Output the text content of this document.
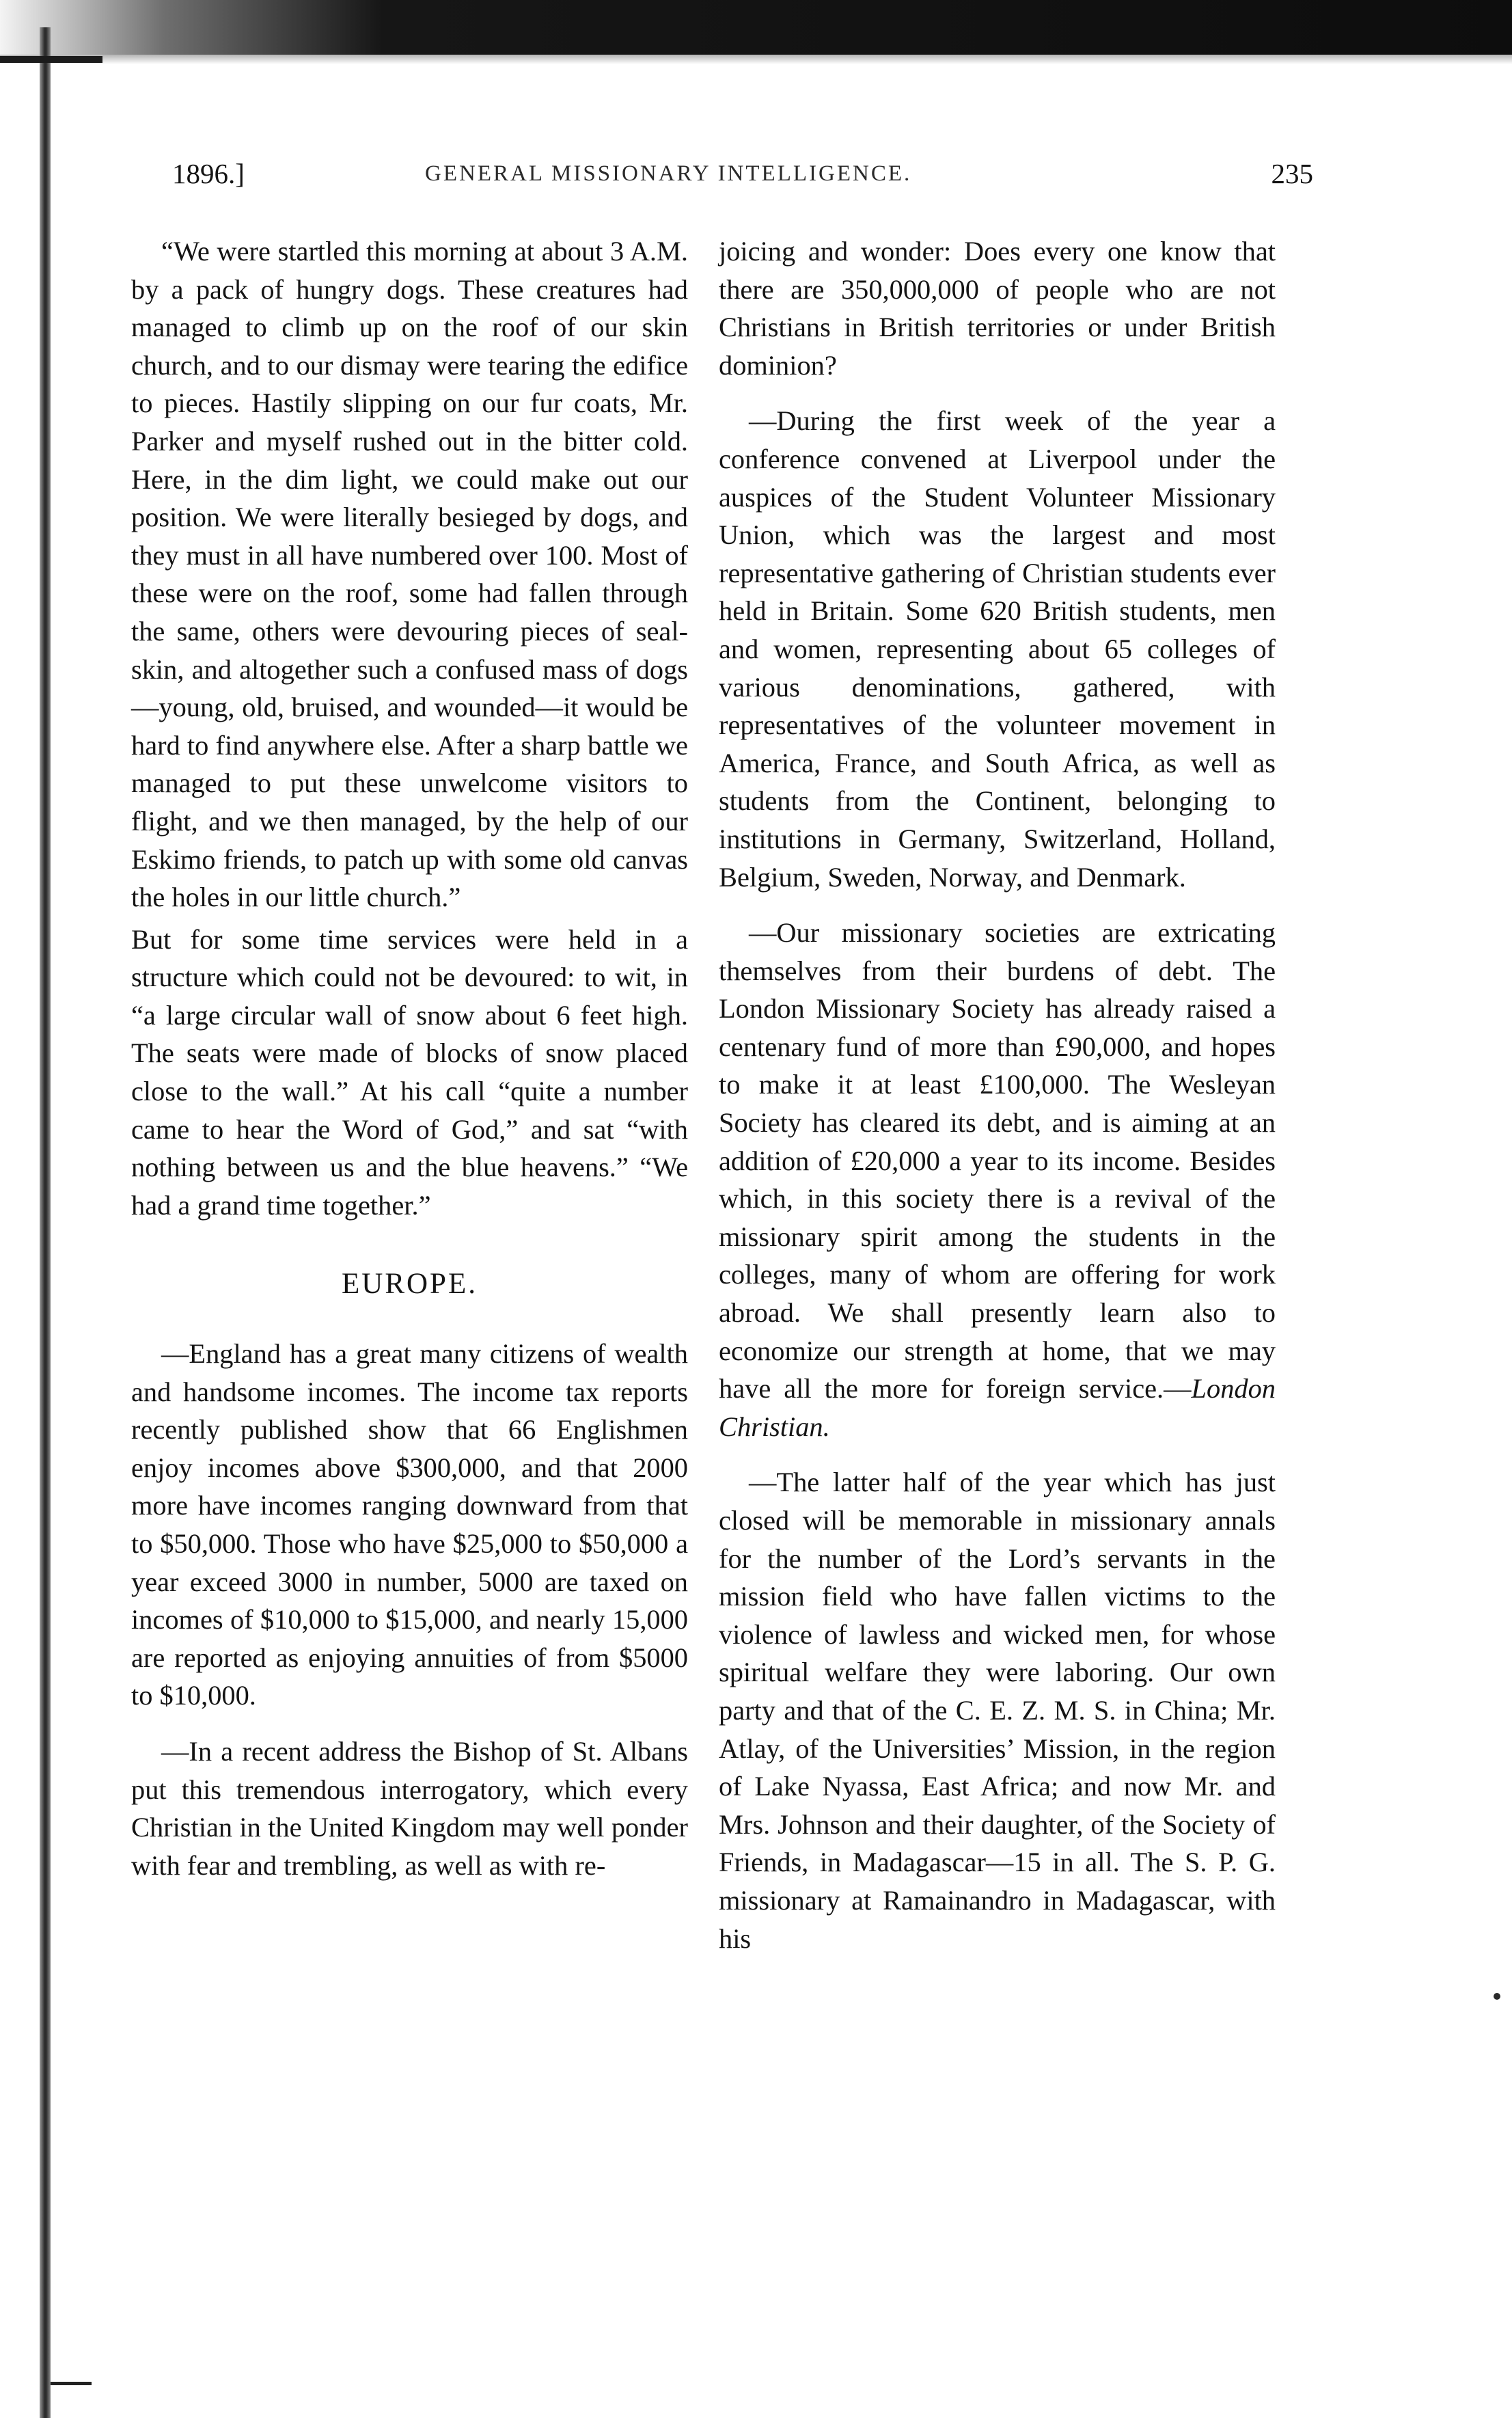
1896.]	GENERAL MISSIONARY INTELLIGENCE.	235

“We were startled this morning at about 3 A.M. by a pack of hungry dogs. These creatures had managed to climb up on the roof of our skin church, and to our dismay were tearing the edifice to pieces. Hastily slipping on our fur coats, Mr. Parker and myself rushed out in the bitter cold. Here, in the dim light, we could make out our position. We were literally besieged by dogs, and they must in all have numbered over 100. Most of these were on the roof, some had fallen through the same, others were devouring pieces of seal-skin, and altogether such a confused mass of dogs—young, old, bruised, and wounded—it would be hard to find anywhere else. After a sharp battle we managed to put these unwelcome visitors to flight, and we then managed, by the help of our Eskimo friends, to patch up with some old canvas the holes in our little church.”

But for some time services were held in a structure which could not be devoured: to wit, in “a large circular wall of snow about 6 feet high. The seats were made of blocks of snow placed close to the wall.” At his call “quite a number came to hear the Word of God,” and sat “with nothing between us and the blue heavens.” “We had a grand time together.”

EUROPE.

—England has a great many citizens of wealth and handsome incomes. The income tax reports recently published show that 66 Englishmen enjoy incomes above $300,000, and that 2000 more have incomes ranging downward from that to $50,000. Those who have $25,000 to $50,000 a year exceed 3000 in number, 5000 are taxed on incomes of $10,000 to $15,000, and nearly 15,000 are reported as enjoying annuities of from $5000 to $10,000.

—In a recent address the Bishop of St. Albans put this tremendous interrogatory, which every Christian in the United Kingdom may well ponder with fear and trembling, as well as with re-

joicing and wonder: Does every one know that there are 350,000,000 of people who are not Christians in British territories or under British dominion?

—During the first week of the year a conference convened at Liverpool under the auspices of the Student Volunteer Missionary Union, which was the largest and most representative gathering of Christian students ever held in Britain. Some 620 British students, men and women, representing about 65 colleges of various denominations, gathered, with representatives of the volunteer movement in America, France, and South Africa, as well as students from the Continent, belonging to institutions in Germany, Switzerland, Holland, Belgium, Sweden, Norway, and Denmark.

—Our missionary societies are extricating themselves from their burdens of debt. The London Missionary Society has already raised a centenary fund of more than £90,000, and hopes to make it at least £100,000. The Wesleyan Society has cleared its debt, and is aiming at an addition of £20,000 a year to its income. Besides which, in this society there is a revival of the missionary spirit among the students in the colleges, many of whom are offering for work abroad. We shall presently learn also to economize our strength at home, that we may have all the more for foreign service.—London Christian.

—The latter half of the year which has just closed will be memorable in missionary annals for the number of the Lord’s servants in the mission field who have fallen victims to the violence of lawless and wicked men, for whose spiritual welfare they were laboring. Our own party and that of the C. E. Z. M. S. in China; Mr. Atlay, of the Universities’ Mission, in the region of Lake Nyassa, East Africa; and now Mr. and Mrs. Johnson and their daughter, of the Society of Friends, in Madagascar—15 in all. The S. P. G. missionary at Ramainandro in Madagascar, with his
